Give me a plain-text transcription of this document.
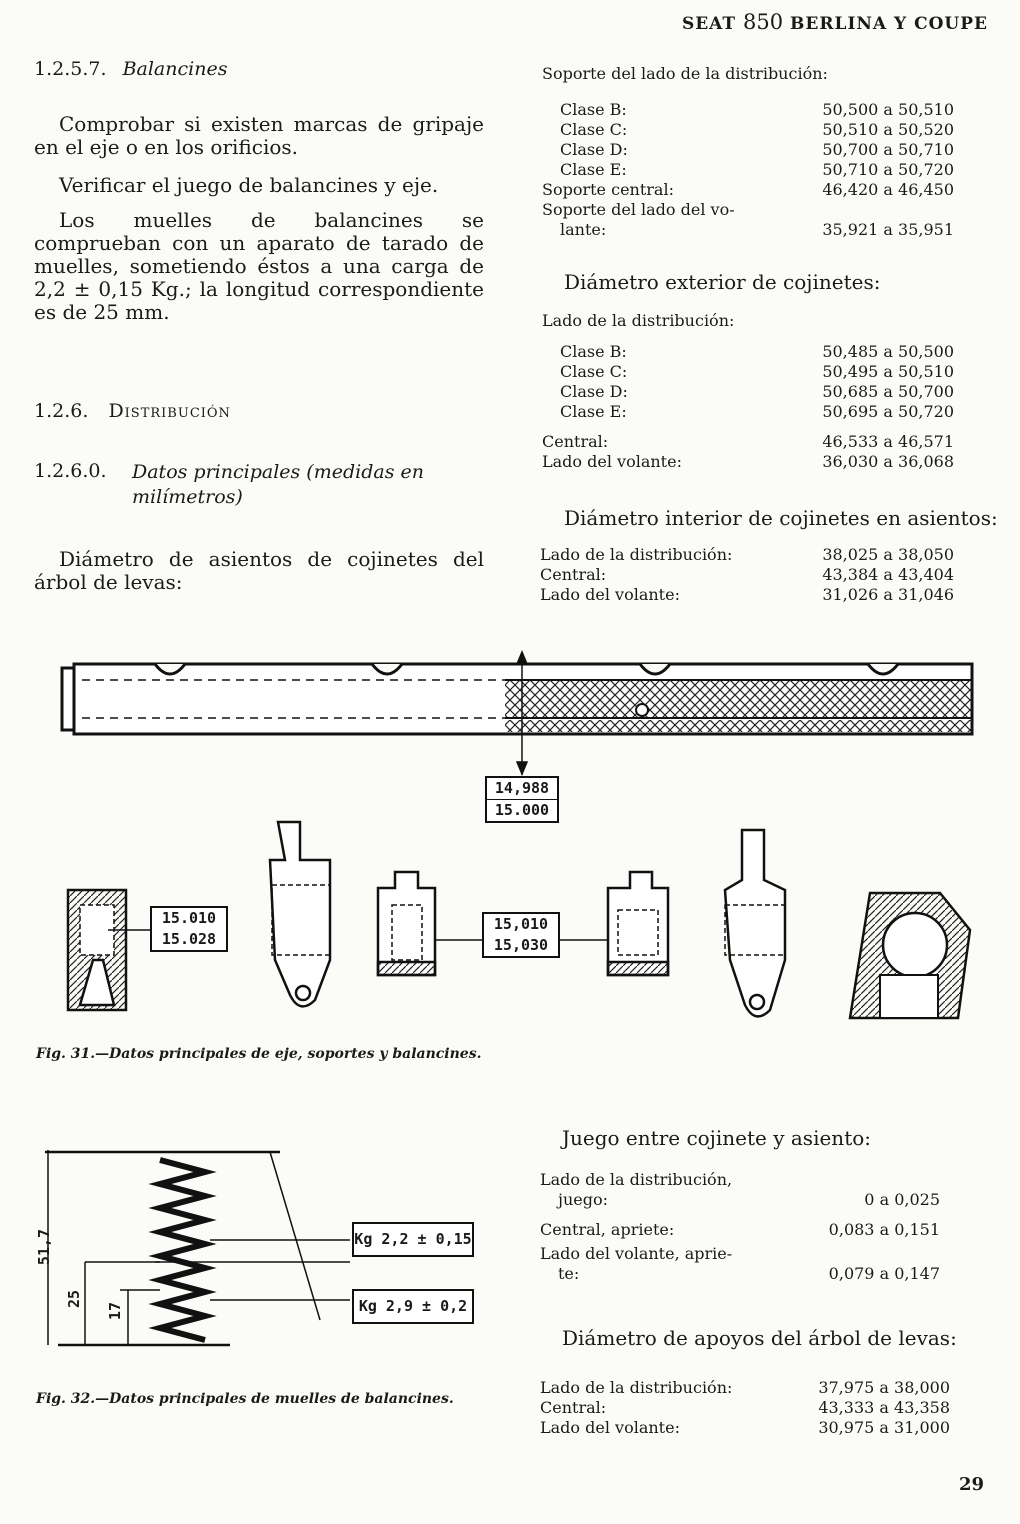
SEAT 850 BERLINA Y COUPE
1.2.5.7. Balancines
Comprobar si existen marcas de gripaje en el eje o en los orificios.
Verificar el juego de balancines y eje.
Los muelles de balancines se comprueban con un aparato de tarado de muelles, sometiendo éstos a una carga de 2,2 ± 0,15 Kg.; la longitud correspondiente es de 25 mm.
1.2.6. Distribución
1.2.6.0. Datos principales (medidas en milímetros)
Diámetro de asientos de cojinetes del árbol de levas:
Soporte del lado de la distribución:
Clase B:	50,500 a 50,510
Clase C:	50,510 a 50,520
Clase D:	50,700 a 50,710
Clase E:	50,710 a 50,720
Soporte central:	46,420 a 46,450
Soporte del lado del vo-
lante:	35,921 a 35,951
Diámetro exterior de cojinetes:
Lado de la distribución:
Clase B:	50,485 a 50,500
Clase C:	50,495 a 50,510
Clase D:	50,685 a 50,700
Clase E:	50,695 a 50,720
Central:	46,533 a 46,571
Lado del volante:	36,030 a 36,068
Diámetro interior de cojinetes en asientos:
Lado de la distribución:	38,025 a 38,050
Central:	43,384 a 43,404
Lado del volante:	31,026 a 31,046
14,988
15.000
15.010
15.028
15,010
15,030
Fig. 31.—Datos principales de eje, soportes y balancines.
51,7
25
17
Kg 2,2 ± 0,15
Kg 2,9 ± 0,2
Fig. 32.—Datos principales de muelles de balancines.
Juego entre cojinete y asiento:
Lado de la distribución,
juego:	0 a 0,025
Central, apriete:	0,083 a 0,151
Lado del volante, aprie-
te:	0,079 a 0,147
Diámetro de apoyos del árbol de levas:
Lado de la distribución:	37,975 a 38,000
Central:	43,333 a 43,358
Lado del volante:	30,975 a 31,000
29
